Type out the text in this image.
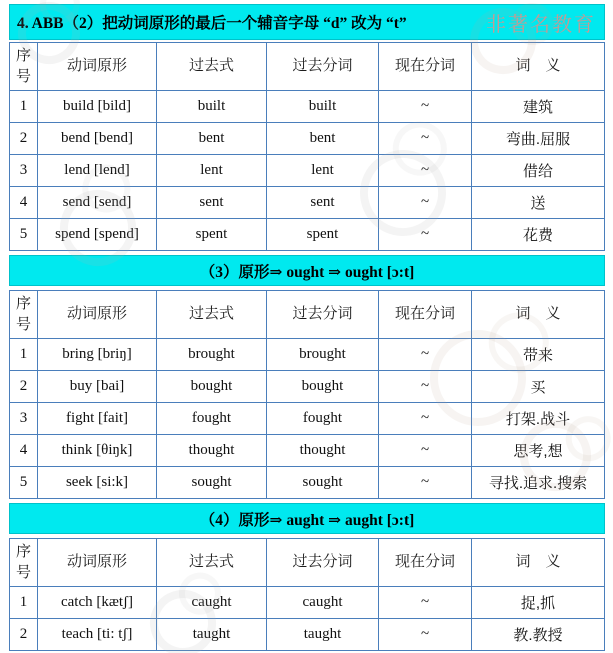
4. ABB（2）把动词原形的最后一个辅音字母 “d” 改为 “t”	非著名教育
序号	动词原形	过去式	过去分词	现在分词	词　义
1	build [bild]	built	built	~	建筑
2	bend [bend]	bent	bent	~	弯曲.屈服
3	lend [lend]	lent	lent	~	借给
4	send [send]	sent	sent	~	送
5	spend [spend]	spent	spent	~	花费
（3）原形⇒ ought ⇒ ought [ɔ:t]
序号	动词原形	过去式	过去分词	现在分词	词　义
1	bring [briŋ]	brought	brought	~	带来
2	buy [bai]	bought	bought	~	买
3	fight [fait]	fought	fought	~	打架.战斗
4	think [θiŋk]	thought	thought	~	思考,想
5	seek [si:k]	sought	sought	~	寻找.追求.搜索
（4）原形⇒ aught ⇒ aught [ɔ:t]
序号	动词原形	过去式	过去分词	现在分词	词　义
1	catch [kætʃ]	caught	caught	~	捉,抓
2	teach [ti: tʃ]	taught	taught	~	教.教授
